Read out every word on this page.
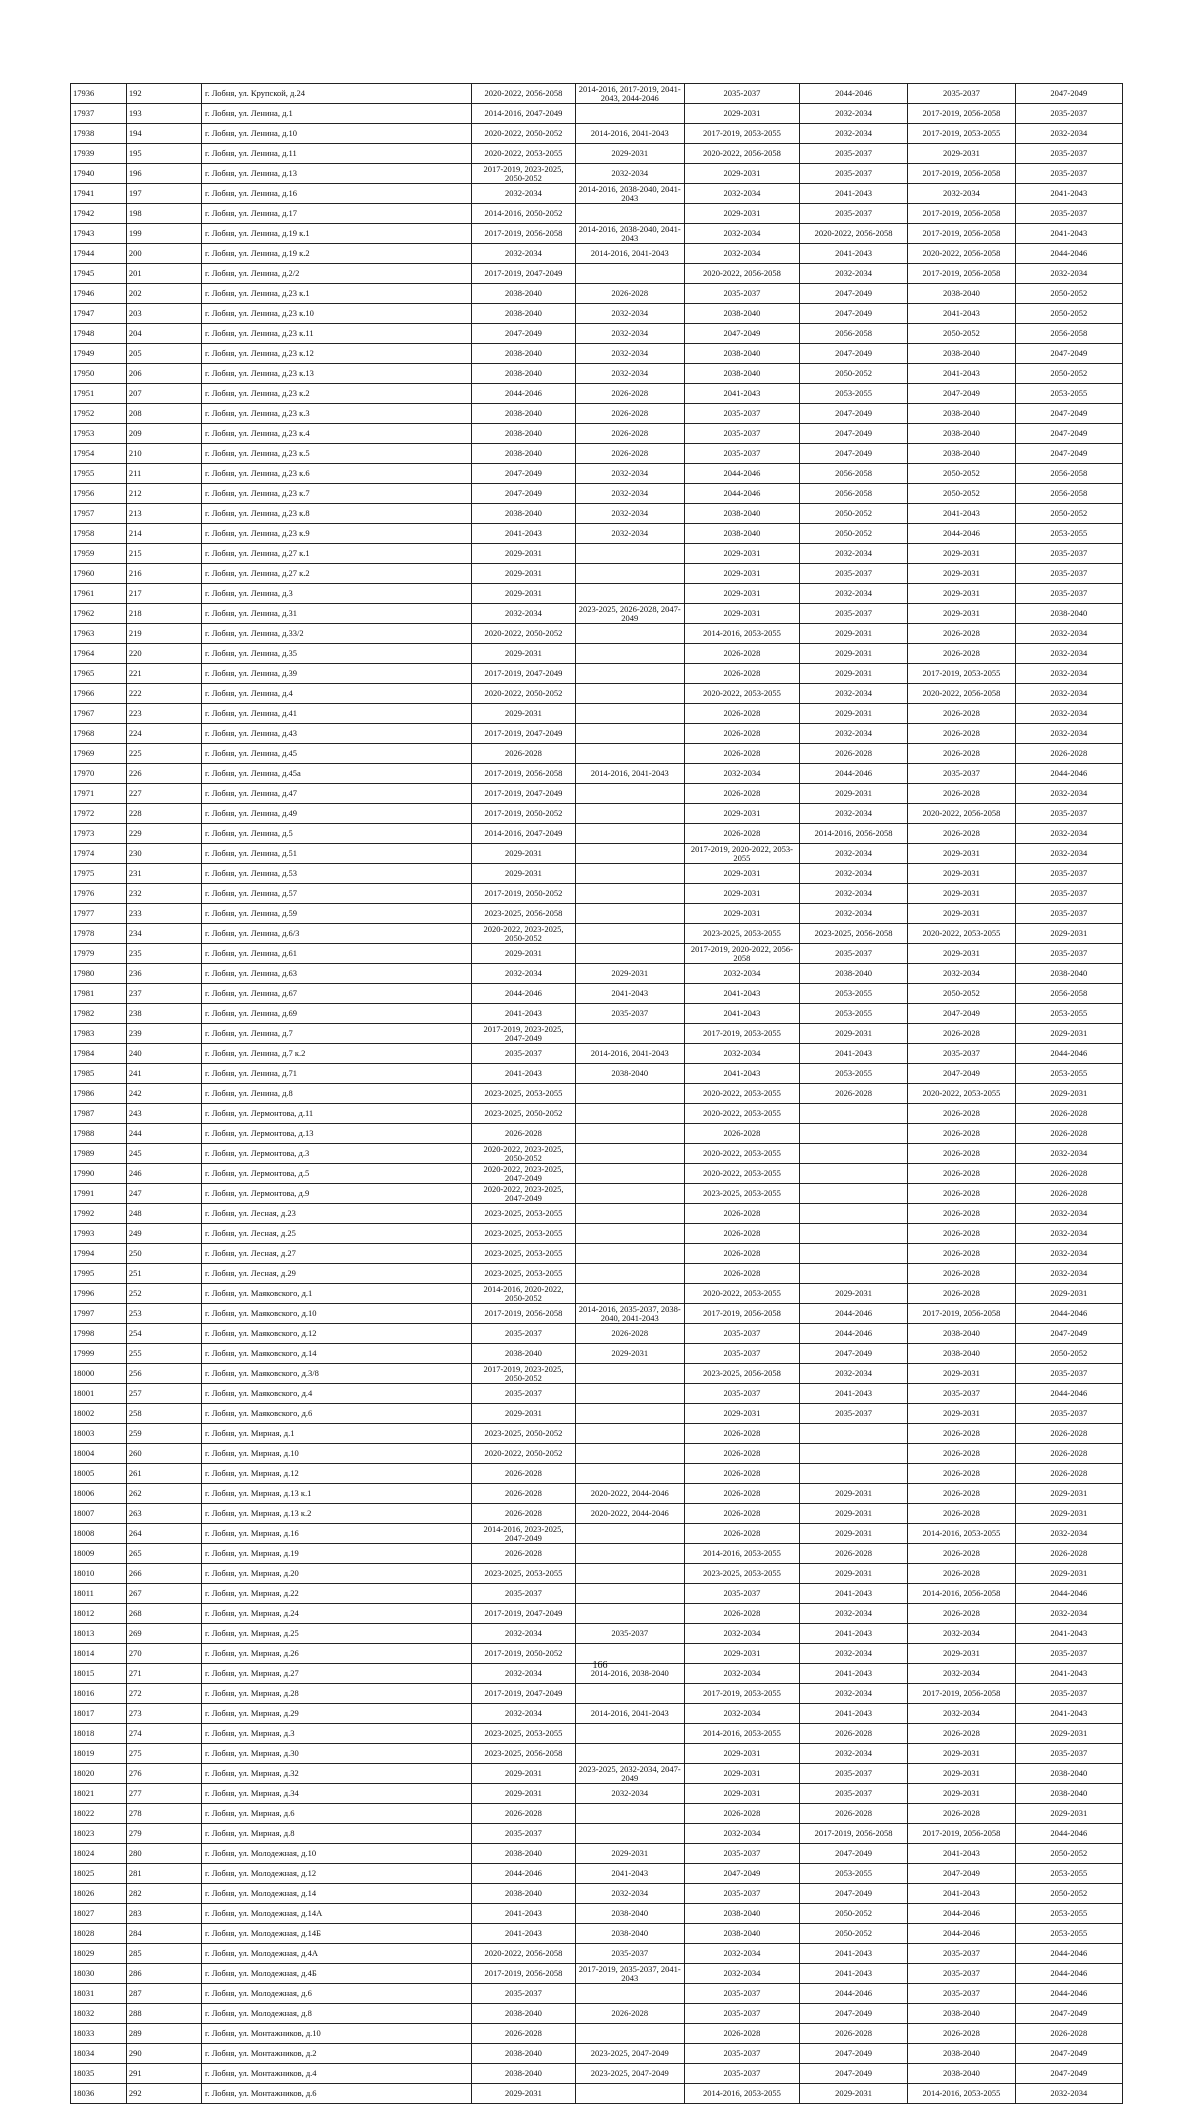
17936	192	г. Лобня, ул. Крупской, д.24	2020-2022, 2056-2058	2014-2016, 2017-2019, 2041-2043, 2044-2046	2035-2037	2044-2046	2035-2037	2047-2049
17937	193	г. Лобня, ул. Ленина, д.1	2014-2016, 2047-2049		2029-2031	2032-2034	2017-2019, 2056-2058	2035-2037
17938	194	г. Лобня, ул. Ленина, д.10	2020-2022, 2050-2052	2014-2016, 2041-2043	2017-2019, 2053-2055	2032-2034	2017-2019, 2053-2055	2032-2034
17939	195	г. Лобня, ул. Ленина, д.11	2020-2022, 2053-2055	2029-2031	2020-2022, 2056-2058	2035-2037	2029-2031	2035-2037
17940	196	г. Лобня, ул. Ленина, д.13	2017-2019, 2023-2025, 2050-2052	2032-2034	2029-2031	2035-2037	2017-2019, 2056-2058	2035-2037
17941	197	г. Лобня, ул. Ленина, д.16	2032-2034	2014-2016, 2038-2040, 2041-2043	2032-2034	2041-2043	2032-2034	2041-2043
17942	198	г. Лобня, ул. Ленина, д.17	2014-2016, 2050-2052		2029-2031	2035-2037	2017-2019, 2056-2058	2035-2037
17943	199	г. Лобня, ул. Ленина, д.19 к.1	2017-2019, 2056-2058	2014-2016, 2038-2040, 2041-2043	2032-2034	2020-2022, 2056-2058	2017-2019, 2056-2058	2041-2043
17944	200	г. Лобня, ул. Ленина, д.19 к.2	2032-2034	2014-2016, 2041-2043	2032-2034	2041-2043	2020-2022, 2056-2058	2044-2046
17945	201	г. Лобня, ул. Ленина, д.2/2	2017-2019, 2047-2049		2020-2022, 2056-2058	2032-2034	2017-2019, 2056-2058	2032-2034
17946	202	г. Лобня, ул. Ленина, д.23 к.1	2038-2040	2026-2028	2035-2037	2047-2049	2038-2040	2050-2052
17947	203	г. Лобня, ул. Ленина, д.23 к.10	2038-2040	2032-2034	2038-2040	2047-2049	2041-2043	2050-2052
17948	204	г. Лобня, ул. Ленина, д.23 к.11	2047-2049	2032-2034	2047-2049	2056-2058	2050-2052	2056-2058
17949	205	г. Лобня, ул. Ленина, д.23 к.12	2038-2040	2032-2034	2038-2040	2047-2049	2038-2040	2047-2049
17950	206	г. Лобня, ул. Ленина, д.23 к.13	2038-2040	2032-2034	2038-2040	2050-2052	2041-2043	2050-2052
17951	207	г. Лобня, ул. Ленина, д.23 к.2	2044-2046	2026-2028	2041-2043	2053-2055	2047-2049	2053-2055
17952	208	г. Лобня, ул. Ленина, д.23 к.3	2038-2040	2026-2028	2035-2037	2047-2049	2038-2040	2047-2049
17953	209	г. Лобня, ул. Ленина, д.23 к.4	2038-2040	2026-2028	2035-2037	2047-2049	2038-2040	2047-2049
17954	210	г. Лобня, ул. Ленина, д.23 к.5	2038-2040	2026-2028	2035-2037	2047-2049	2038-2040	2047-2049
17955	211	г. Лобня, ул. Ленина, д.23 к.6	2047-2049	2032-2034	2044-2046	2056-2058	2050-2052	2056-2058
17956	212	г. Лобня, ул. Ленина, д.23 к.7	2047-2049	2032-2034	2044-2046	2056-2058	2050-2052	2056-2058
17957	213	г. Лобня, ул. Ленина, д.23 к.8	2038-2040	2032-2034	2038-2040	2050-2052	2041-2043	2050-2052
17958	214	г. Лобня, ул. Ленина, д.23 к.9	2041-2043	2032-2034	2038-2040	2050-2052	2044-2046	2053-2055
17959	215	г. Лобня, ул. Ленина, д.27 к.1	2029-2031		2029-2031	2032-2034	2029-2031	2035-2037
17960	216	г. Лобня, ул. Ленина, д.27 к.2	2029-2031		2029-2031	2035-2037	2029-2031	2035-2037
17961	217	г. Лобня, ул. Ленина, д.3	2029-2031		2029-2031	2032-2034	2029-2031	2035-2037
17962	218	г. Лобня, ул. Ленина, д.31	2032-2034	2023-2025, 2026-2028, 2047-2049	2029-2031	2035-2037	2029-2031	2038-2040
17963	219	г. Лобня, ул. Ленина, д.33/2	2020-2022, 2050-2052		2014-2016, 2053-2055	2029-2031	2026-2028	2032-2034
17964	220	г. Лобня, ул. Ленина, д.35	2029-2031		2026-2028	2029-2031	2026-2028	2032-2034
17965	221	г. Лобня, ул. Ленина, д.39	2017-2019, 2047-2049		2026-2028	2029-2031	2017-2019, 2053-2055	2032-2034
17966	222	г. Лобня, ул. Ленина, д.4	2020-2022, 2050-2052		2020-2022, 2053-2055	2032-2034	2020-2022, 2056-2058	2032-2034
17967	223	г. Лобня, ул. Ленина, д.41	2029-2031		2026-2028	2029-2031	2026-2028	2032-2034
17968	224	г. Лобня, ул. Ленина, д.43	2017-2019, 2047-2049		2026-2028	2032-2034	2026-2028	2032-2034
17969	225	г. Лобня, ул. Ленина, д.45	2026-2028		2026-2028	2026-2028	2026-2028	2026-2028
17970	226	г. Лобня, ул. Ленина, д.45а	2017-2019, 2056-2058	2014-2016, 2041-2043	2032-2034	2044-2046	2035-2037	2044-2046
17971	227	г. Лобня, ул. Ленина, д.47	2017-2019, 2047-2049		2026-2028	2029-2031	2026-2028	2032-2034
17972	228	г. Лобня, ул. Ленина, д.49	2017-2019, 2050-2052		2029-2031	2032-2034	2020-2022, 2056-2058	2035-2037
17973	229	г. Лобня, ул. Ленина, д.5	2014-2016, 2047-2049		2026-2028	2014-2016, 2056-2058	2026-2028	2032-2034
17974	230	г. Лобня, ул. Ленина, д.51	2029-2031		2017-2019, 2020-2022, 2053-2055	2032-2034	2029-2031	2032-2034
17975	231	г. Лобня, ул. Ленина, д.53	2029-2031		2029-2031	2032-2034	2029-2031	2035-2037
17976	232	г. Лобня, ул. Ленина, д.57	2017-2019, 2050-2052		2029-2031	2032-2034	2029-2031	2035-2037
17977	233	г. Лобня, ул. Ленина, д.59	2023-2025, 2056-2058		2029-2031	2032-2034	2029-2031	2035-2037
17978	234	г. Лобня, ул. Ленина, д.6/3	2020-2022, 2023-2025, 2050-2052		2023-2025, 2053-2055	2023-2025, 2056-2058	2020-2022, 2053-2055	2029-2031
17979	235	г. Лобня, ул. Ленина, д.61	2029-2031		2017-2019, 2020-2022, 2056-2058	2035-2037	2029-2031	2035-2037
17980	236	г. Лобня, ул. Ленина, д.63	2032-2034	2029-2031	2032-2034	2038-2040	2032-2034	2038-2040
17981	237	г. Лобня, ул. Ленина, д.67	2044-2046	2041-2043	2041-2043	2053-2055	2050-2052	2056-2058
17982	238	г. Лобня, ул. Ленина, д.69	2041-2043	2035-2037	2041-2043	2053-2055	2047-2049	2053-2055
17983	239	г. Лобня, ул. Ленина, д.7	2017-2019, 2023-2025, 2047-2049		2017-2019, 2053-2055	2029-2031	2026-2028	2029-2031
17984	240	г. Лобня, ул. Ленина, д.7 к.2	2035-2037	2014-2016, 2041-2043	2032-2034	2041-2043	2035-2037	2044-2046
17985	241	г. Лобня, ул. Ленина, д.71	2041-2043	2038-2040	2041-2043	2053-2055	2047-2049	2053-2055
17986	242	г. Лобня, ул. Ленина, д.8	2023-2025, 2053-2055		2020-2022, 2053-2055	2026-2028	2020-2022, 2053-2055	2029-2031
17987	243	г. Лобня, ул. Лермонтова, д.11	2023-2025, 2050-2052		2020-2022, 2053-2055		2026-2028	2026-2028
17988	244	г. Лобня, ул. Лермонтова, д.13	2026-2028		2026-2028		2026-2028	2026-2028
17989	245	г. Лобня, ул. Лермонтова, д.3	2020-2022, 2023-2025, 2050-2052		2020-2022, 2053-2055		2026-2028	2032-2034
17990	246	г. Лобня, ул. Лермонтова, д.5	2020-2022, 2023-2025, 2047-2049		2020-2022, 2053-2055		2026-2028	2026-2028
17991	247	г. Лобня, ул. Лермонтова, д.9	2020-2022, 2023-2025, 2047-2049		2023-2025, 2053-2055		2026-2028	2026-2028
17992	248	г. Лобня, ул. Лесная, д.23	2023-2025, 2053-2055		2026-2028		2026-2028	2032-2034
17993	249	г. Лобня, ул. Лесная, д.25	2023-2025, 2053-2055		2026-2028		2026-2028	2032-2034
17994	250	г. Лобня, ул. Лесная, д.27	2023-2025, 2053-2055		2026-2028		2026-2028	2032-2034
17995	251	г. Лобня, ул. Лесная, д.29	2023-2025, 2053-2055		2026-2028		2026-2028	2032-2034
17996	252	г. Лобня, ул. Маяковского, д.1	2014-2016, 2020-2022, 2050-2052		2020-2022, 2053-2055	2029-2031	2026-2028	2029-2031
17997	253	г. Лобня, ул. Маяковского, д.10	2017-2019, 2056-2058	2014-2016, 2035-2037, 2038-2040, 2041-2043	2017-2019, 2056-2058	2044-2046	2017-2019, 2056-2058	2044-2046
17998	254	г. Лобня, ул. Маяковского, д.12	2035-2037	2026-2028	2035-2037	2044-2046	2038-2040	2047-2049
17999	255	г. Лобня, ул. Маяковского, д.14	2038-2040	2029-2031	2035-2037	2047-2049	2038-2040	2050-2052
18000	256	г. Лобня, ул. Маяковского, д.3/8	2017-2019, 2023-2025, 2050-2052		2023-2025, 2056-2058	2032-2034	2029-2031	2035-2037
18001	257	г. Лобня, ул. Маяковского, д.4	2035-2037		2035-2037	2041-2043	2035-2037	2044-2046
18002	258	г. Лобня, ул. Маяковского, д.6	2029-2031		2029-2031	2035-2037	2029-2031	2035-2037
18003	259	г. Лобня, ул. Мирная, д.1	2023-2025, 2050-2052		2026-2028		2026-2028	2026-2028
18004	260	г. Лобня, ул. Мирная, д.10	2020-2022, 2050-2052		2026-2028		2026-2028	2026-2028
18005	261	г. Лобня, ул. Мирная, д.12	2026-2028		2026-2028		2026-2028	2026-2028
18006	262	г. Лобня, ул. Мирная, д.13 к.1	2026-2028	2020-2022, 2044-2046	2026-2028	2029-2031	2026-2028	2029-2031
18007	263	г. Лобня, ул. Мирная, д.13 к.2	2026-2028	2020-2022, 2044-2046	2026-2028	2029-2031	2026-2028	2029-2031
18008	264	г. Лобня, ул. Мирная, д.16	2014-2016, 2023-2025, 2047-2049		2026-2028	2029-2031	2014-2016, 2053-2055	2032-2034
18009	265	г. Лобня, ул. Мирная, д.19	2026-2028		2014-2016, 2053-2055	2026-2028	2026-2028	2026-2028
18010	266	г. Лобня, ул. Мирная, д.20	2023-2025, 2053-2055		2023-2025, 2053-2055	2029-2031	2026-2028	2029-2031
18011	267	г. Лобня, ул. Мирная, д.22	2035-2037		2035-2037	2041-2043	2014-2016, 2056-2058	2044-2046
18012	268	г. Лобня, ул. Мирная, д.24	2017-2019, 2047-2049		2026-2028	2032-2034	2026-2028	2032-2034
18013	269	г. Лобня, ул. Мирная, д.25	2032-2034	2035-2037	2032-2034	2041-2043	2032-2034	2041-2043
18014	270	г. Лобня, ул. Мирная, д.26	2017-2019, 2050-2052		2029-2031	2032-2034	2029-2031	2035-2037
18015	271	г. Лобня, ул. Мирная, д.27	2032-2034	2014-2016, 2038-2040	2032-2034	2041-2043	2032-2034	2041-2043
18016	272	г. Лобня, ул. Мирная, д.28	2017-2019, 2047-2049		2017-2019, 2053-2055	2032-2034	2017-2019, 2056-2058	2035-2037
18017	273	г. Лобня, ул. Мирная, д.29	2032-2034	2014-2016, 2041-2043	2032-2034	2041-2043	2032-2034	2041-2043
18018	274	г. Лобня, ул. Мирная, д.3	2023-2025, 2053-2055		2014-2016, 2053-2055	2026-2028	2026-2028	2029-2031
18019	275	г. Лобня, ул. Мирная, д.30	2023-2025, 2056-2058		2029-2031	2032-2034	2029-2031	2035-2037
18020	276	г. Лобня, ул. Мирная, д.32	2029-2031	2023-2025, 2032-2034, 2047-2049	2029-2031	2035-2037	2029-2031	2038-2040
18021	277	г. Лобня, ул. Мирная, д.34	2029-2031	2032-2034	2029-2031	2035-2037	2029-2031	2038-2040
18022	278	г. Лобня, ул. Мирная, д.6	2026-2028		2026-2028	2026-2028	2026-2028	2029-2031
18023	279	г. Лобня, ул. Мирная, д.8	2035-2037		2032-2034	2017-2019, 2056-2058	2017-2019, 2056-2058	2044-2046
18024	280	г. Лобня, ул. Молодежная, д.10	2038-2040	2029-2031	2035-2037	2047-2049	2041-2043	2050-2052
18025	281	г. Лобня, ул. Молодежная, д.12	2044-2046	2041-2043	2047-2049	2053-2055	2047-2049	2053-2055
18026	282	г. Лобня, ул. Молодежная, д.14	2038-2040	2032-2034	2035-2037	2047-2049	2041-2043	2050-2052
18027	283	г. Лобня, ул. Молодежная, д.14А	2041-2043	2038-2040	2038-2040	2050-2052	2044-2046	2053-2055
18028	284	г. Лобня, ул. Молодежная, д.14Б	2041-2043	2038-2040	2038-2040	2050-2052	2044-2046	2053-2055
18029	285	г. Лобня, ул. Молодежная, д.4А	2020-2022, 2056-2058	2035-2037	2032-2034	2041-2043	2035-2037	2044-2046
18030	286	г. Лобня, ул. Молодежная, д.4Б	2017-2019, 2056-2058	2017-2019, 2035-2037, 2041-2043	2032-2034	2041-2043	2035-2037	2044-2046
18031	287	г. Лобня, ул. Молодежная, д.6	2035-2037		2035-2037	2044-2046	2035-2037	2044-2046
18032	288	г. Лобня, ул. Молодежная, д.8	2038-2040	2026-2028	2035-2037	2047-2049	2038-2040	2047-2049
18033	289	г. Лобня, ул. Монтажников, д.10	2026-2028		2026-2028	2026-2028	2026-2028	2026-2028
18034	290	г. Лобня, ул. Монтажников, д.2	2038-2040	2023-2025, 2047-2049	2035-2037	2047-2049	2038-2040	2047-2049
18035	291	г. Лобня, ул. Монтажников, д.4	2038-2040	2023-2025, 2047-2049	2035-2037	2047-2049	2038-2040	2047-2049
18036	292	г. Лобня, ул. Монтажников, д.6	2029-2031		2014-2016, 2053-2055	2029-2031	2014-2016, 2053-2055	2032-2034
166
